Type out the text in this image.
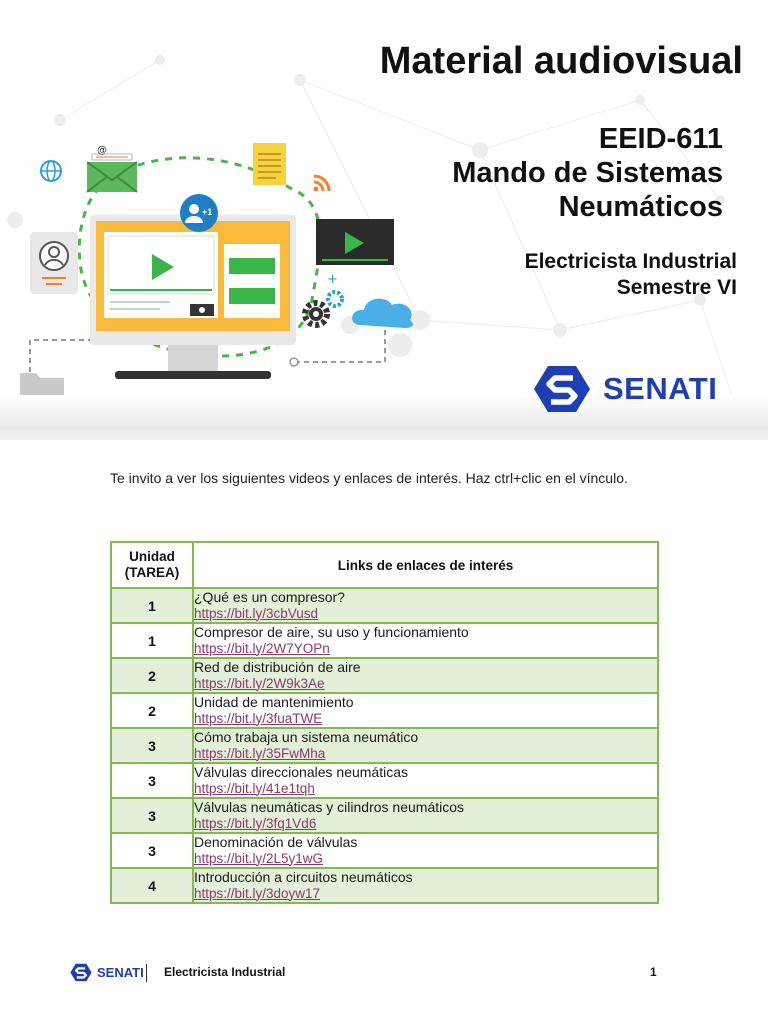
@
+1
+
Material audiovisual
EEID-611
Mando de Sistemas
Neumáticos
Electricista Industrial
Semestre VI
SENATI

Te invito a ver los siguientes videos y enlaces de interés. Haz ctrl+clic en el vínculo.

Unidad
(TAREA)	Links de enlaces de interés
1	¿Qué es un compresor?
https://bit.ly/3cbVusd

1	Compresor de aire, su uso y funcionamiento
https://bit.ly/2W7YOPn

2	Red de distribución de aire
https://bit.ly/2W9k3Ae

2	Unidad de mantenimiento
https://bit.ly/3fuaTWE

3	Cómo trabaja un sistema neumático
https://bit.ly/35FwMha

3	Válvulas direccionales neumáticas
https://bit.ly/41e1tqh

3	Válvulas neumáticas y cilindros neumáticos
https://bit.ly/3fq1Vd6

3	Denominación de válvulas
https://bit.ly/2L5y1wG

4	Introducción a circuitos neumáticos
https://bit.ly/3doyw17
SENATI Electricista Industrial	1
